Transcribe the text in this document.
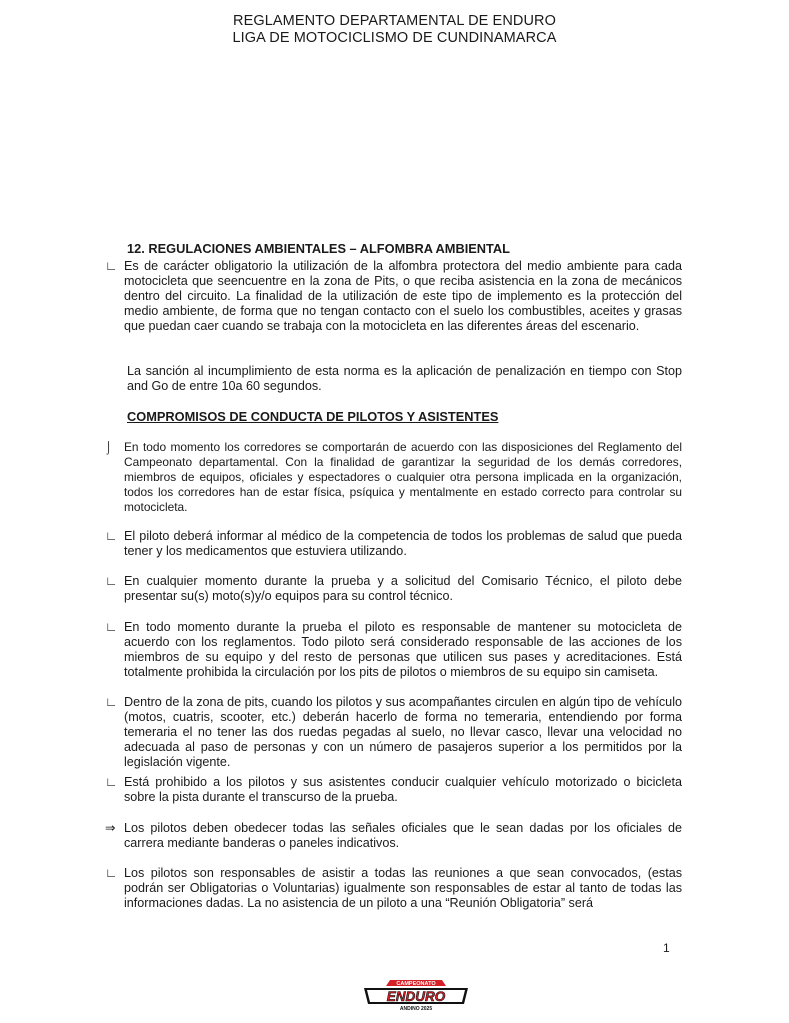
REGLAMENTO DEPARTAMENTAL DE ENDURO
LIGA DE MOTOCICLISMO DE CUNDINAMARCA
12. REGULACIONES AMBIENTALES – ALFOMBRA AMBIENTAL
∟ Es de carácter obligatorio la utilización de la alfombra protectora del medio ambiente para cada motocicleta que seencuentre en la zona de Pits, o que reciba asistencia en la zona de mecánicos dentro del circuito. La finalidad de la utilización de este tipo de implemento es la protección del medio ambiente, de forma que no tengan contacto con el suelo los combustibles, aceites y grasas que puedan caer cuando se trabaja con la motocicleta en las diferentes áreas del escenario.

La sanción al incumplimiento de esta norma es la aplicación de penalización en tiempo con Stop and Go de entre 10a 60 segundos.

COMPROMISOS DE CONDUCTA DE PILOTOS Y ASISTENTES
⌡ En todo momento los corredores se comportarán de acuerdo con las disposiciones del Reglamento del Campeonato departamental. Con la finalidad de garantizar la seguridad de los demás corredores, miembros de equipos, oficiales y espectadores o cualquier otra persona implicada en la organización, todos los corredores han de estar física, psíquica y mentalmente en estado correcto para controlar su motocicleta.

∟ El piloto deberá informar al médico de la competencia de todos los problemas de salud que pueda tener y los medicamentos que estuviera utilizando.

∟ En cualquier momento durante la prueba y a solicitud del Comisario Técnico, el piloto debe presentar su(s) moto(s)y/o equipos para su control técnico.

∟ En todo momento durante la prueba el piloto es responsable de mantener su motocicleta de acuerdo con los reglamentos. Todo piloto será considerado responsable de las acciones de los miembros de su equipo y del resto de personas que utilicen sus pases y acreditaciones. Está totalmente prohibida la circulación por los pits de pilotos o miembros de su equipo sin camiseta.

∟ Dentro de la zona de pits, cuando los pilotos y sus acompañantes circulen en algún tipo de vehículo (motos, cuatris, scooter, etc.) deberán hacerlo de forma no temeraria, entendiendo por forma temeraria el no tener las dos ruedas pegadas al suelo, no llevar casco, llevar una velocidad no adecuada al paso de personas y con un número de pasajeros superior a los permitidos por la legislación vigente.

∟ Está prohibido a los pilotos y sus asistentes conducir cualquier vehículo motorizado o bicicleta sobre la pista durante el transcurso de la prueba.

⇒ Los pilotos deben obedecer todas las señales oficiales que le sean dadas por los oficiales de carrera mediante banderas o paneles indicativos.

∟ Los pilotos son responsables de asistir a todas las reuniones a que sean convocados, (estas podrán ser Obligatorias o Voluntarias) igualmente son responsables de estar al tanto de todas las informaciones dadas. La no asistencia de un piloto a una “Reunión Obligatoria” será

1
CAMPEONATO
ENDURO
ANDINO 2025
